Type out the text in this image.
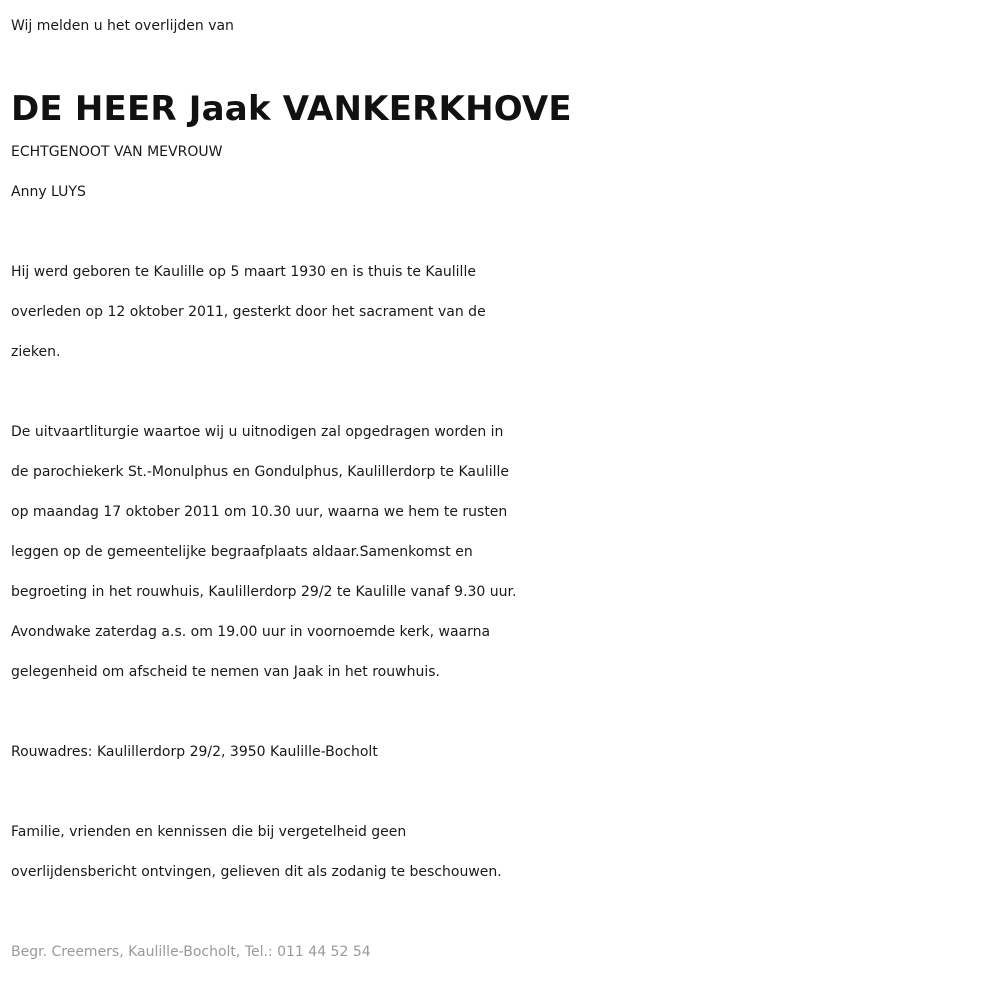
Wij melden u het overlijden van

DE HEER Jaak VANKERKHOVE

ECHTGENOOT VAN MEVROUW

Anny LUYS

Hij werd geboren te Kaulille op 5 maart 1930 en is thuis te Kaulille

overleden op 12 oktober 2011, gesterkt door het sacrament van de

zieken.

De uitvaartliturgie waartoe wij u uitnodigen zal opgedragen worden in

de parochiekerk St.-Monulphus en Gondulphus, Kaulillerdorp te Kaulille

op maandag 17 oktober 2011 om 10.30 uur, waarna we hem te rusten

leggen op de gemeentelijke begraafplaats aldaar.Samenkomst en

begroeting in het rouwhuis, Kaulillerdorp 29/2 te Kaulille vanaf 9.30 uur.

Avondwake zaterdag a.s. om 19.00 uur in voornoemde kerk, waarna

gelegenheid om afscheid te nemen van Jaak in het rouwhuis.

Rouwadres: Kaulillerdorp 29/2, 3950 Kaulille-Bocholt

Familie, vrienden en kennissen die bij vergetelheid geen

overlijdensbericht ontvingen, gelieven dit als zodanig te beschouwen.

Begr. Creemers, Kaulille-Bocholt, Tel.: 011 44 52 54
